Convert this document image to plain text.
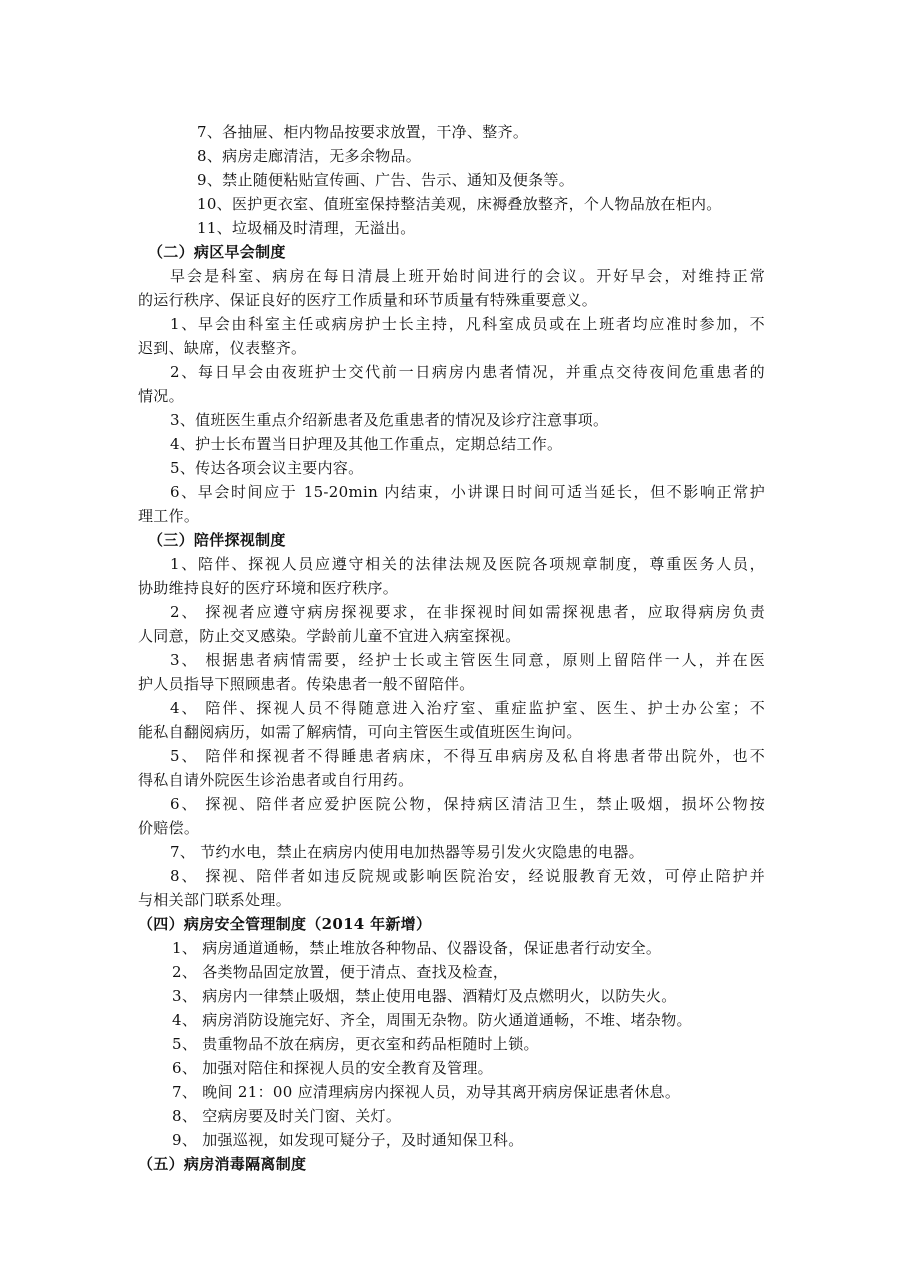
7、各抽屉、柜内物品按要求放置，干净、整齐。
8、病房走廊清洁，无多余物品。
9、禁止随便粘贴宣传画、广告、告示、通知及便条等。
10、医护更衣室、值班室保持整洁美观，床褥叠放整齐，个人物品放在柜内。
11、垃圾桶及时清理，无溢出。
（二）病区早会制度
早会是科室、病房在每日清晨上班开始时间进行的会议。开好早会，对维持正常
的运行秩序、保证良好的医疗工作质量和环节质量有特殊重要意义。
1、早会由科室主任或病房护士长主持，凡科室成员或在上班者均应准时参加，不
迟到、缺席，仪表整齐。
2、每日早会由夜班护士交代前一日病房内患者情况，并重点交待夜间危重患者的
情况。
3、值班医生重点介绍新患者及危重患者的情况及诊疗注意事项。
4、护士长布置当日护理及其他工作重点，定期总结工作。
5、传达各项会议主要内容。
6、早会时间应于 15-20min 内结束，小讲课日时间可适当延长，但不影响正常护
理工作。
（三）陪伴探视制度
1、陪伴、探视人员应遵守相关的法律法规及医院各项规章制度，尊重医务人员，
协助维持良好的医疗环境和医疗秩序。
2、 探视者应遵守病房探视要求，在非探视时间如需探视患者，应取得病房负责
人同意，防止交叉感染。学龄前儿童不宜进入病室探视。
3、 根据患者病情需要，经护士长或主管医生同意，原则上留陪伴一人，并在医
护人员指导下照顾患者。传染患者一般不留陪伴。
4、 陪伴、探视人员不得随意进入治疗室、重症监护室、医生、护士办公室；不
能私自翻阅病历，如需了解病情，可向主管医生或值班医生询问。
5、 陪伴和探视者不得睡患者病床，不得互串病房及私自将患者带出院外，也不
得私自请外院医生诊治患者或自行用药。
6、 探视、陪伴者应爱护医院公物，保持病区清洁卫生，禁止吸烟，损坏公物按
价赔偿。
7、 节约水电，禁止在病房内使用电加热器等易引发火灾隐患的电器。
8、 探视、陪伴者如违反院规或影响医院治安，经说服教育无效，可停止陪护并
与相关部门联系处理。
（四）病房安全管理制度（2014 年新增）
1、 病房通道通畅，禁止堆放各种物品、仪器设备，保证患者行动安全。
2、 各类物品固定放置，便于清点、查找及检查，
3、 病房内一律禁止吸烟，禁止使用电器、酒精灯及点燃明火，以防失火。
4、 病房消防设施完好、齐全，周围无杂物。防火通道通畅，不堆、堵杂物。
5、 贵重物品不放在病房，更衣室和药品柜随时上锁。
6、 加强对陪住和探视人员的安全教育及管理。
7、 晚间 21：00 应清理病房内探视人员，劝导其离开病房保证患者休息。
8、 空病房要及时关门窗、关灯。
9、 加强巡视，如发现可疑分子，及时通知保卫科。
（五）病房消毒隔离制度
